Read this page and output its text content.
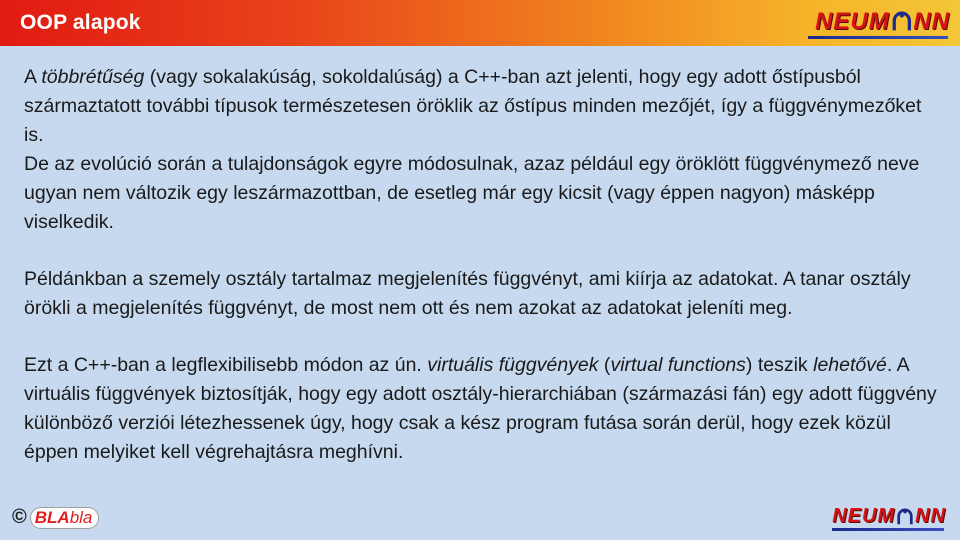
OOP alapok	NEUM NN

A többrétűség (vagy sokalakúság, sokoldalúság) a C++-ban azt jelenti, hogy egy adott őstípusból származtatott további típusok természetesen öröklik az őstípus minden mezőjét, így a függvénymezőket is.

De az evolúció során a tulajdonságok egyre módosulnak, azaz például egy öröklött függvénymező neve ugyan nem változik egy leszármazottban, de esetleg már egy kicsit (vagy éppen nagyon) másképp viselkedik.

Példánkban a szemely osztály tartalmaz megjelenítés függvényt, ami kiírja az adatokat. A tanar osztály örökli a megjelenítés függvényt, de most nem ott és nem azokat az adatokat jeleníti meg.

Ezt a C++-ban a legflexibilisebb módon az ún. virtuális függvények (virtual functions) teszik lehetővé. A virtuális függvények biztosítják, hogy egy adott osztály-hierarchiában (származási fán) egy adott függvény különböző verziói létezhessenek úgy, hogy csak a kész program futása során derül, hogy ezek közül éppen melyiket kell végrehajtásra meghívni.

© BLAbla	NEUM NN
